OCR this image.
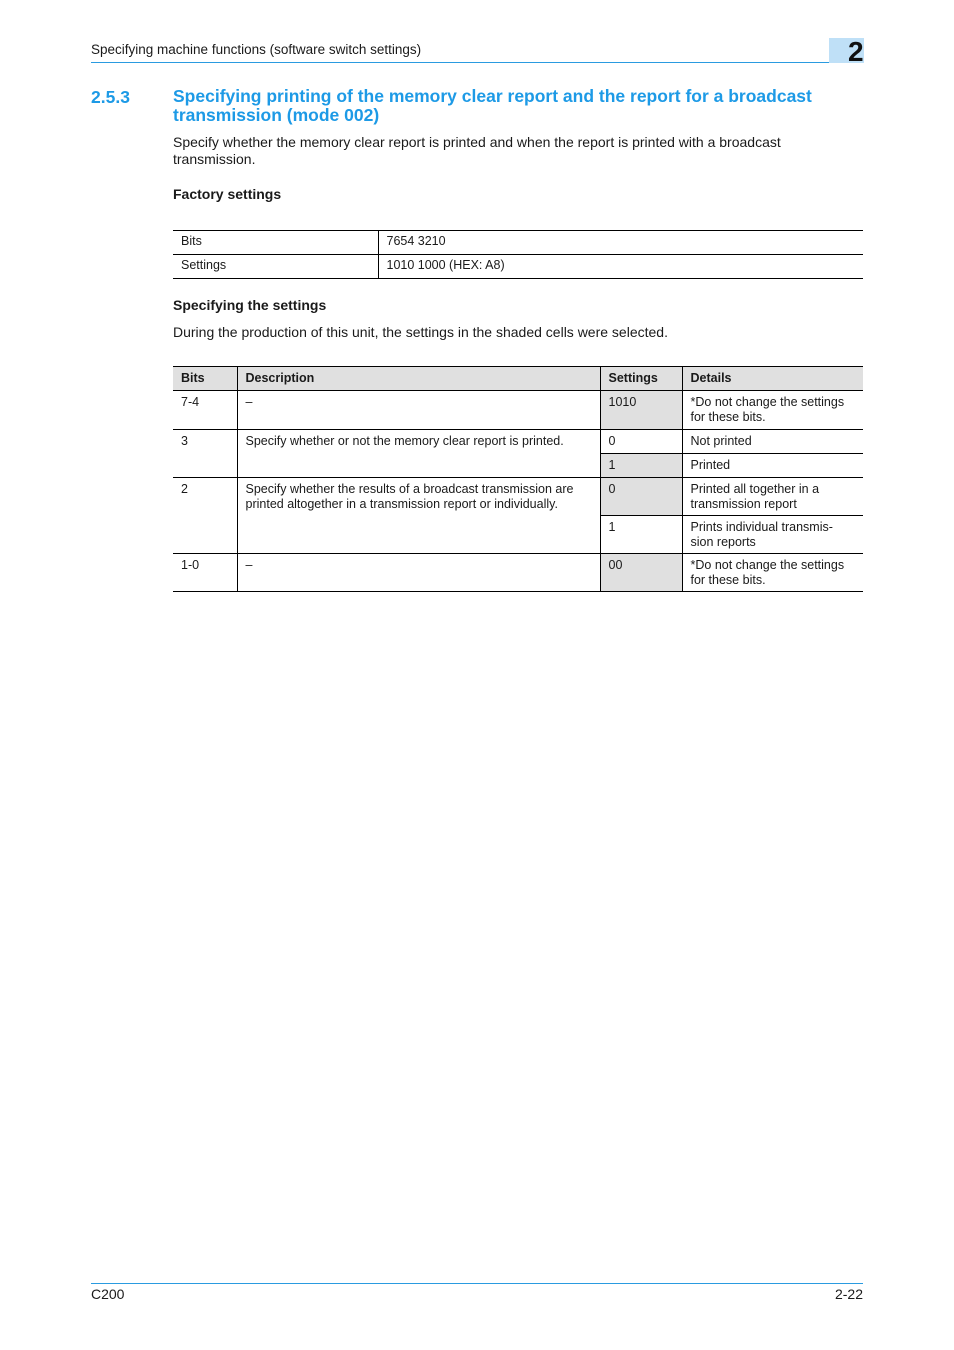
Specifying machine functions (software switch settings)	2
2.5.3 Specifying printing of the memory clear report and the report for a broadcast transmission (mode 002)
Specify whether the memory clear report is printed and when the report is printed with a broadcast transmission.
Factory settings
Bits	7654 3210
Settings	1010 1000 (HEX: A8)
Specifying the settings
During the production of this unit, the settings in the shaded cells were selected.
Bits	Description	Settings	Details
7-4	–	1010	*Do not change the settings for these bits.
3	Specify whether or not the memory clear report is printed.	0	Not printed
		1	Printed
2	Specify whether the results of a broadcast transmission are printed altogether in a transmission report or individually.	0	Printed all together in a transmission report
		1	Prints individual transmis-sion reports
1-0	–	00	*Do not change the settings for these bits.
C200	2-22
